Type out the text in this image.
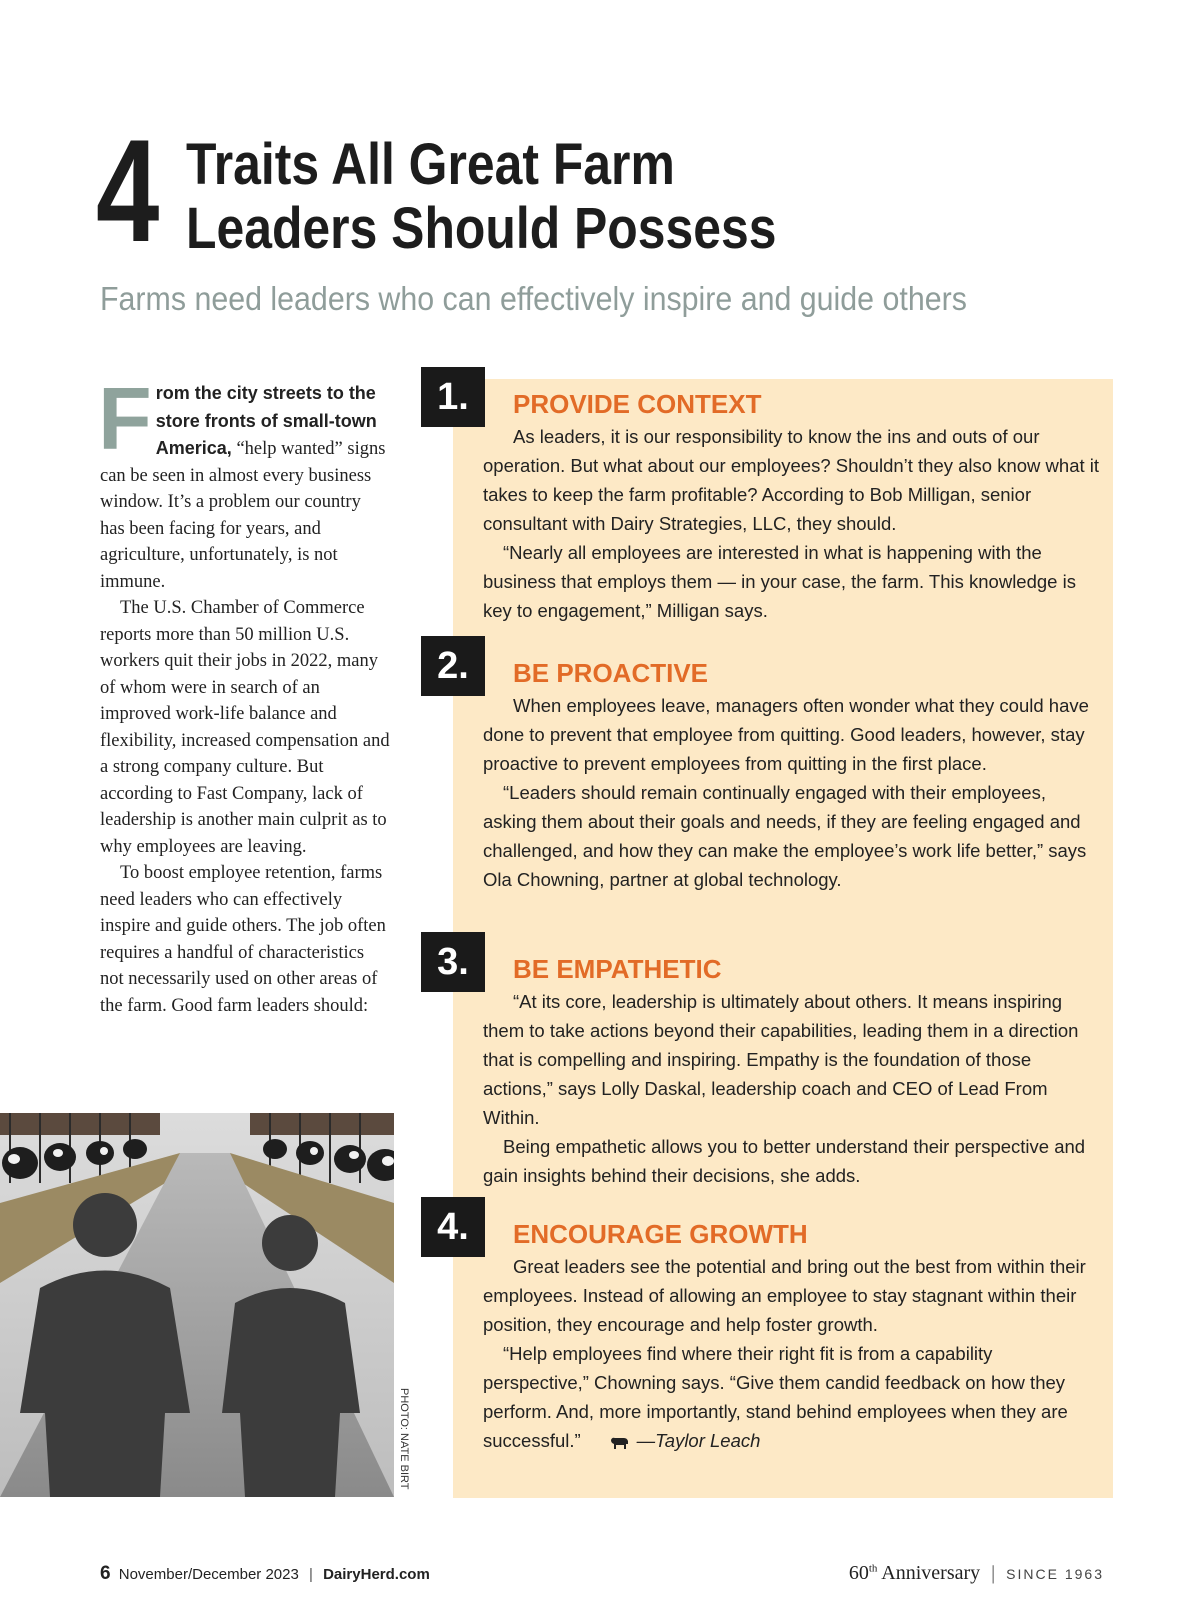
4 Traits All Great Farm
Leaders Should Possess
Farms need leaders who can effectively inspire and guide others

From the city streets to the store fronts of small-town America, “help wanted” signs can be seen in almost every business window. It’s a problem our country has been facing for years, and agriculture, unfortunately, is not immune.

The U.S. Chamber of Commerce reports more than 50 million U.S. workers quit their jobs in 2022, many of whom were in search of an improved work-life balance and flexibility, increased compensation and a strong company culture. But according to Fast Company, lack of leadership is another main culprit as to why employees are leaving.

To boost employee retention, farms need leaders who can effectively inspire and guide others. The job often requires a handful of characteristics not necessarily used on other areas of the farm. Good farm leaders should:

PHOTO: NATE BIRT
1.	PROVIDE CONTEXT

As leaders, it is our responsibility to know the ins and outs of our operation. But what about our employees? Shouldn’t they also know what it takes to keep the farm profitable? According to Bob Milligan, senior consultant with Dairy Strategies, LLC, they should.

“Nearly all employees are interested in what is happening with the business that employs them — in your case, the farm. This knowledge is key to engagement,” Milligan says.

2.	BE PROACTIVE

When employees leave, managers often wonder what they could have done to prevent that employee from quitting. Good leaders, however, stay proactive to prevent employees from quitting in the first place.

“Leaders should remain continually engaged with their employees, asking them about their goals and needs, if they are feeling engaged and challenged, and how they can make the employee’s work life better,” says Ola Chowning, partner at global technology.

3.	BE EMPATHETIC

“At its core, leadership is ultimately about others. It means inspiring them to take actions beyond their capabilities, leading them in a direction that is compelling and inspiring. Empathy is the foundation of those actions,” says Lolly Daskal, leadership coach and CEO of Lead From Within.

Being empathetic allows you to better understand their perspective and gain insights behind their decisions, she adds.

4.	ENCOURAGE GROWTH

Great leaders see the potential and bring out the best from within their employees. Instead of allowing an employee to stay stagnant within their position, they encourage and help foster growth.

“Help employees find where their right fit is from a capability perspective,” Chowning says. “Give them candid feedback on how they perform. And, more importantly, stand behind employees when they are successful.”	—Taylor Leach

6 November/December 2023 | DairyHerd.com	60th Anniversary | SINCE 1963
